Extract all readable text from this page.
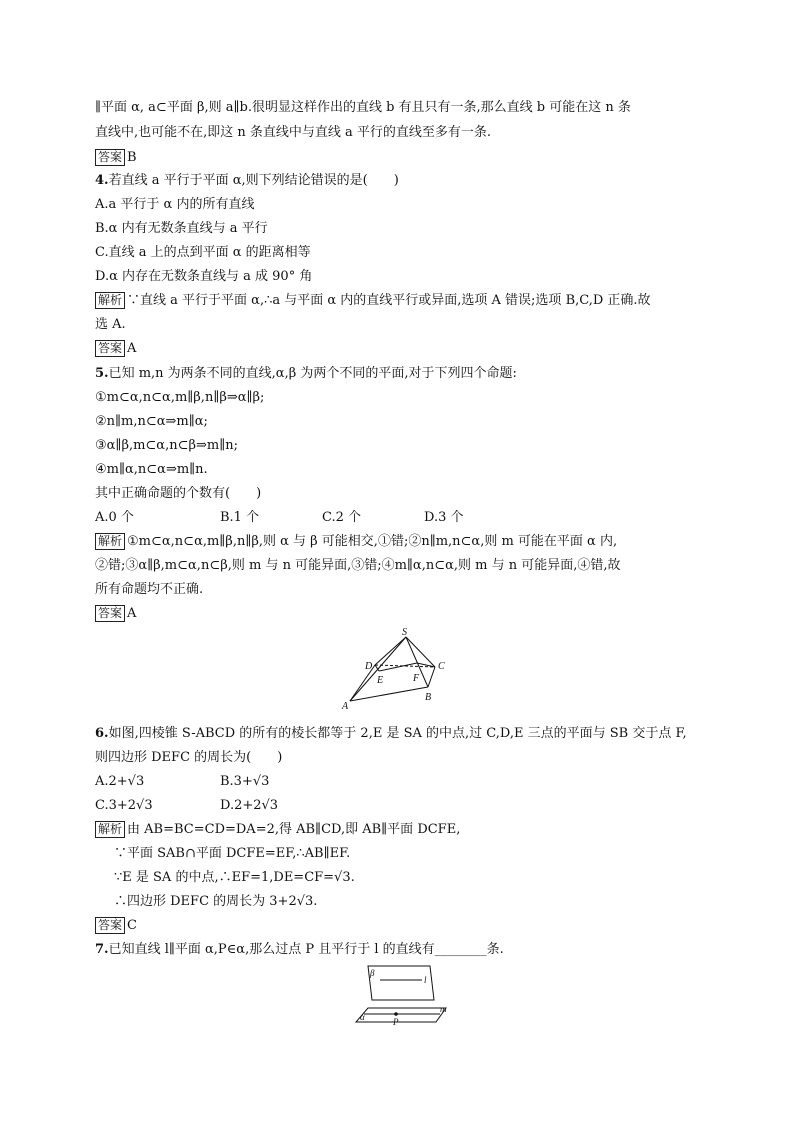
∥平面 α, a⊂平面 β,则 a∥b.很明显这样作出的直线 b 有且只有一条,那么直线 b 可能在这 n 条
直线中,也可能不在,即这 n 条直线中与直线 a 平行的直线至多有一条.
答案 B
4.若直线 a 平行于平面 α,则下列结论错误的是(　　)
A.a 平行于 α 内的所有直线
B.α 内有无数条直线与 a 平行
C.直线 a 上的点到平面 α 的距离相等
D.α 内存在无数条直线与 a 成 90° 角
解析 ∵直线 a 平行于平面 α,∴a 与平面 α 内的直线平行或异面,选项 A 错误;选项 B,C,D 正确.故
选 A.
答案 A
5.已知 m,n 为两条不同的直线,α,β 为两个不同的平面,对于下列四个命题:
①m⊂α,n⊂α,m∥β,n∥β⇒α∥β;
②n∥m,n⊂α⇒m∥α;
③α∥β,m⊂α,n⊂β⇒m∥n;
④m∥α,n⊂α⇒m∥n.
其中正确命题的个数有(　　)
A.0 个	B.1 个	C.2 个	D.3 个
解析 ①m⊂α,n⊂α,m∥β,n∥β,则 α 与 β 可能相交,①错;②n∥m,n⊂α,则 m 可能在平面 α 内,
②错;③α∥β,m⊂α,n⊂β,则 m 与 n 可能异面,③错;④m∥α,n⊂α,则 m 与 n 可能异面,④错,故
所有命题均不正确.
答案 A
S
D	C
E	F
A
B
6.如图,四棱锥 S-ABCD 的所有的棱长都等于 2,E 是 SA 的中点,过 C,D,E 三点的平面与 SB 交于点 F,
则四边形 DEFC 的周长为(　　)
A.2+√3	B.3+√3
C.3+2√3	D.2+2√3
解析 由 AB=BC=CD=DA=2,得 AB∥CD,即 AB∥平面 DCFE,
∵平面 SAB∩平面 DCFE=EF,∴AB∥EF.
∵E 是 SA 的中点,∴EF=1,DE=CF=√3.
∴四边形 DEFC 的周长为 3+2√3.
答案 C
7.已知直线 l∥平面 α,P∈α,那么过点 P 且平行于 l 的直线有________条.
β
l
m
P
α
